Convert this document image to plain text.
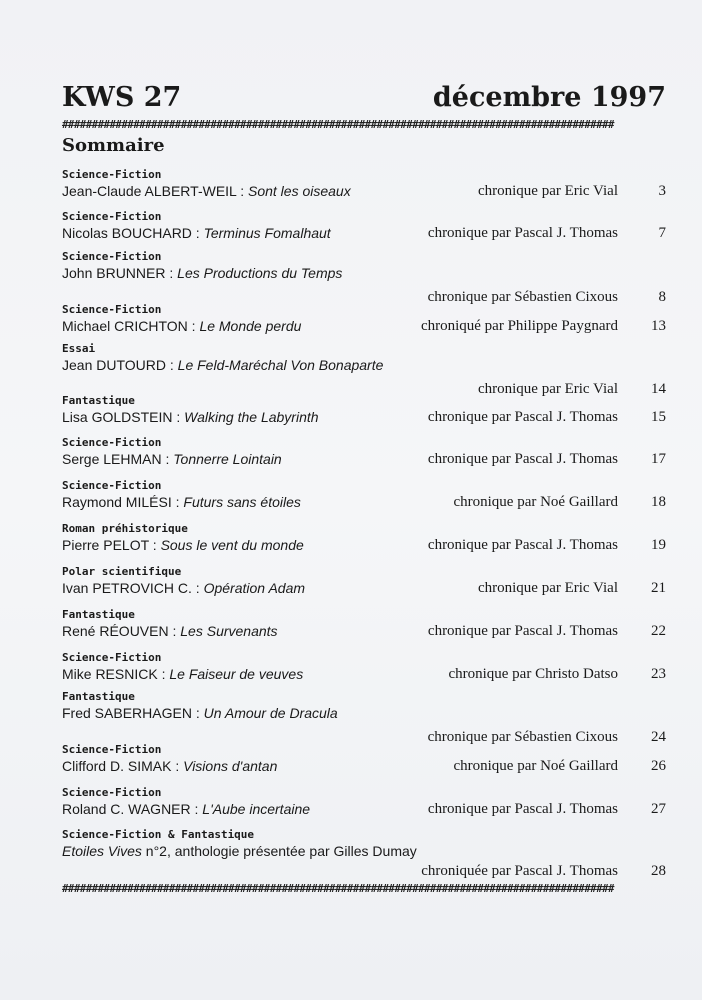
KWS 27	décembre 1997
#############################################################################################
Sommaire
Science-Fiction
Jean-Claude ALBERT-WEIL : Sont les oiseaux	chronique par Eric Vial	3
Science-Fiction
Nicolas BOUCHARD : Terminus Fomalhaut	chronique par Pascal J. Thomas	7
Science-Fiction
John BRUNNER : Les Productions du Temps
chronique par Sébastien Cixous	8
Science-Fiction
Michael CRICHTON : Le Monde perdu	chroniqué par Philippe Paygnard	13
Essai
Jean DUTOURD : Le Feld-Maréchal Von Bonaparte
chronique par Eric Vial	14
Fantastique
Lisa GOLDSTEIN : Walking the Labyrinth	chronique par Pascal J. Thomas	15
Science-Fiction
Serge LEHMAN : Tonnerre Lointain	chronique par Pascal J. Thomas	17
Science-Fiction
Raymond MILÉSI : Futurs sans étoiles	chronique par Noé Gaillard	18
Roman préhistorique
Pierre PELOT : Sous le vent du monde	chronique par Pascal J. Thomas	19
Polar scientifique
Ivan PETROVICH C. : Opération Adam	chronique par Eric Vial	21
Fantastique
René RÉOUVEN : Les Survenants	chronique par Pascal J. Thomas	22
Science-Fiction
Mike RESNICK : Le Faiseur de veuves	chronique par Christo Datso	23
Fantastique
Fred SABERHAGEN : Un Amour de Dracula
chronique par Sébastien Cixous	24
Science-Fiction
Clifford D. SIMAK : Visions d'antan	chronique par Noé Gaillard	26
Science-Fiction
Roland C. WAGNER : L'Aube incertaine	chronique par Pascal J. Thomas	27
Science-Fiction & Fantastique
Etoiles Vives n°2, anthologie présentée par Gilles Dumay
chroniquée par Pascal J. Thomas	28
#############################################################################################
